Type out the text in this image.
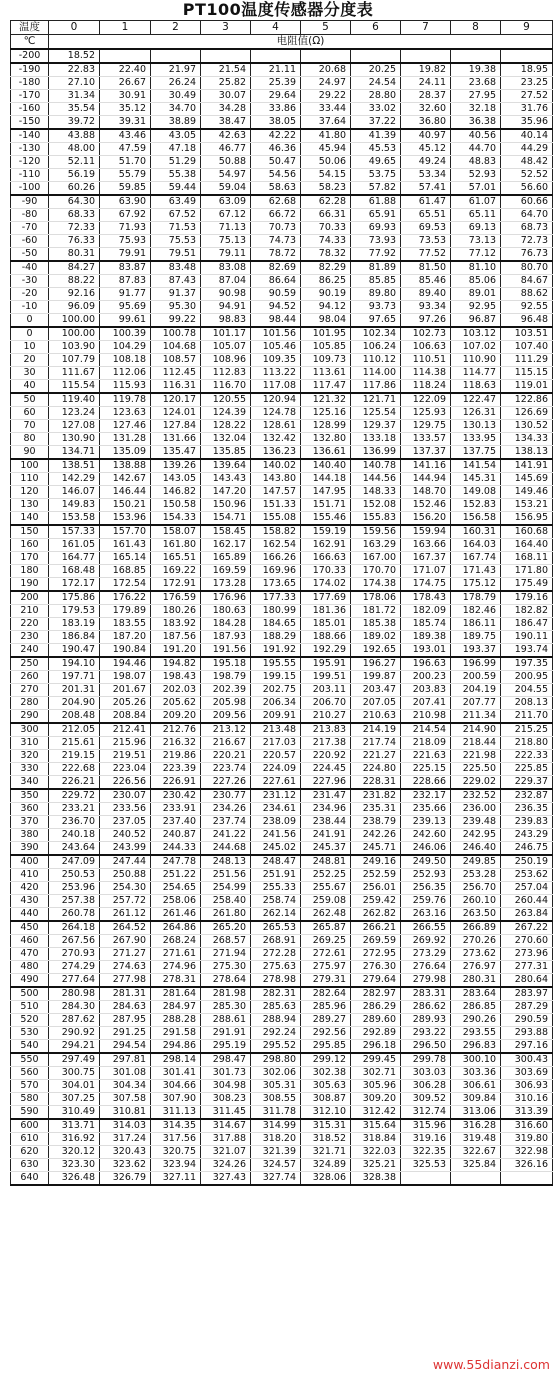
PT100温度传感器分度表
温度	0	1	2	3	4	5	6	7	8	9
℃	电阻值(Ω)									
-200	18.52									
-190	22.83	22.40	21.97	21.54	21.11	20.68	20.25	19.82	19.38	18.95
-180	27.10	26.67	26.24	25.82	25.39	24.97	24.54	24.11	23.68	23.25
-170	31.34	30.91	30.49	30.07	29.64	29.22	28.80	28.37	27.95	27.52
-160	35.54	35.12	34.70	34.28	33.86	33.44	33.02	32.60	32.18	31.76
-150	39.72	39.31	38.89	38.47	38.05	37.64	37.22	36.80	36.38	35.96
-140	43.88	43.46	43.05	42.63	42.22	41.80	41.39	40.97	40.56	40.14
-130	48.00	47.59	47.18	46.77	46.36	45.94	45.53	45.12	44.70	44.29
-120	52.11	51.70	51.29	50.88	50.47	50.06	49.65	49.24	48.83	48.42
-110	56.19	55.79	55.38	54.97	54.56	54.15	53.75	53.34	52.93	52.52
-100	60.26	59.85	59.44	59.04	58.63	58.23	57.82	57.41	57.01	56.60
-90	64.30	63.90	63.49	63.09	62.68	62.28	61.88	61.47	61.07	60.66
-80	68.33	67.92	67.52	67.12	66.72	66.31	65.91	65.51	65.11	64.70
-70	72.33	71.93	71.53	71.13	70.73	70.33	69.93	69.53	69.13	68.73
-60	76.33	75.93	75.53	75.13	74.73	74.33	73.93	73.53	73.13	72.73
-50	80.31	79.91	79.51	79.11	78.72	78.32	77.92	77.52	77.12	76.73
-40	84.27	83.87	83.48	83.08	82.69	82.29	81.89	81.50	81.10	80.70
-30	88.22	87.83	87.43	87.04	86.64	86.25	85.85	85.46	85.06	84.67
-20	92.16	91.77	91.37	90.98	90.59	90.19	89.80	89.40	89.01	88.62
-10	96.09	95.69	95.30	94.91	94.52	94.12	93.73	93.34	92.95	92.55
0	100.00	99.61	99.22	98.83	98.44	98.04	97.65	97.26	96.87	96.48
0	100.00	100.39	100.78	101.17	101.56	101.95	102.34	102.73	103.12	103.51
10	103.90	104.29	104.68	105.07	105.46	105.85	106.24	106.63	107.02	107.40
20	107.79	108.18	108.57	108.96	109.35	109.73	110.12	110.51	110.90	111.29
30	111.67	112.06	112.45	112.83	113.22	113.61	114.00	114.38	114.77	115.15
40	115.54	115.93	116.31	116.70	117.08	117.47	117.86	118.24	118.63	119.01
50	119.40	119.78	120.17	120.55	120.94	121.32	121.71	122.09	122.47	122.86
60	123.24	123.63	124.01	124.39	124.78	125.16	125.54	125.93	126.31	126.69
70	127.08	127.46	127.84	128.22	128.61	128.99	129.37	129.75	130.13	130.52
80	130.90	131.28	131.66	132.04	132.42	132.80	133.18	133.57	133.95	134.33
90	134.71	135.09	135.47	135.85	136.23	136.61	136.99	137.37	137.75	138.13
100	138.51	138.88	139.26	139.64	140.02	140.40	140.78	141.16	141.54	141.91
110	142.29	142.67	143.05	143.43	143.80	144.18	144.56	144.94	145.31	145.69
120	146.07	146.44	146.82	147.20	147.57	147.95	148.33	148.70	149.08	149.46
130	149.83	150.21	150.58	150.96	151.33	151.71	152.08	152.46	152.83	153.21
140	153.58	153.96	154.33	154.71	155.08	155.46	155.83	156.20	156.58	156.95
150	157.33	157.70	158.07	158.45	158.82	159.19	159.56	159.94	160.31	160.68
160	161.05	161.43	161.80	162.17	162.54	162.91	163.29	163.66	164.03	164.40
170	164.77	165.14	165.51	165.89	166.26	166.63	167.00	167.37	167.74	168.11
180	168.48	168.85	169.22	169.59	169.96	170.33	170.70	171.07	171.43	171.80
190	172.17	172.54	172.91	173.28	173.65	174.02	174.38	174.75	175.12	175.49
200	175.86	176.22	176.59	176.96	177.33	177.69	178.06	178.43	178.79	179.16
210	179.53	179.89	180.26	180.63	180.99	181.36	181.72	182.09	182.46	182.82
220	183.19	183.55	183.92	184.28	184.65	185.01	185.38	185.74	186.11	186.47
230	186.84	187.20	187.56	187.93	188.29	188.66	189.02	189.38	189.75	190.11
240	190.47	190.84	191.20	191.56	191.92	192.29	192.65	193.01	193.37	193.74
250	194.10	194.46	194.82	195.18	195.55	195.91	196.27	196.63	196.99	197.35
260	197.71	198.07	198.43	198.79	199.15	199.51	199.87	200.23	200.59	200.95
270	201.31	201.67	202.03	202.39	202.75	203.11	203.47	203.83	204.19	204.55
280	204.90	205.26	205.62	205.98	206.34	206.70	207.05	207.41	207.77	208.13
290	208.48	208.84	209.20	209.56	209.91	210.27	210.63	210.98	211.34	211.70
300	212.05	212.41	212.76	213.12	213.48	213.83	214.19	214.54	214.90	215.25
310	215.61	215.96	216.32	216.67	217.03	217.38	217.74	218.09	218.44	218.80
320	219.15	219.51	219.86	220.21	220.57	220.92	221.27	221.63	221.98	222.33
330	222.68	223.04	223.39	223.74	224.09	224.45	224.80	225.15	225.50	225.85
340	226.21	226.56	226.91	227.26	227.61	227.96	228.31	228.66	229.02	229.37
350	229.72	230.07	230.42	230.77	231.12	231.47	231.82	232.17	232.52	232.87
360	233.21	233.56	233.91	234.26	234.61	234.96	235.31	235.66	236.00	236.35
370	236.70	237.05	237.40	237.74	238.09	238.44	238.79	239.13	239.48	239.83
380	240.18	240.52	240.87	241.22	241.56	241.91	242.26	242.60	242.95	243.29
390	243.64	243.99	244.33	244.68	245.02	245.37	245.71	246.06	246.40	246.75
400	247.09	247.44	247.78	248.13	248.47	248.81	249.16	249.50	249.85	250.19
410	250.53	250.88	251.22	251.56	251.91	252.25	252.59	252.93	253.28	253.62
420	253.96	254.30	254.65	254.99	255.33	255.67	256.01	256.35	256.70	257.04
430	257.38	257.72	258.06	258.40	258.74	259.08	259.42	259.76	260.10	260.44
440	260.78	261.12	261.46	261.80	262.14	262.48	262.82	263.16	263.50	263.84
450	264.18	264.52	264.86	265.20	265.53	265.87	266.21	266.55	266.89	267.22
460	267.56	267.90	268.24	268.57	268.91	269.25	269.59	269.92	270.26	270.60
470	270.93	271.27	271.61	271.94	272.28	272.61	272.95	273.29	273.62	273.96
480	274.29	274.63	274.96	275.30	275.63	275.97	276.30	276.64	276.97	277.31
490	277.64	277.98	278.31	278.64	278.98	279.31	279.64	279.98	280.31	280.64
500	280.98	281.31	281.64	281.98	282.31	282.64	282.97	283.31	283.64	283.97
510	284.30	284.63	284.97	285.30	285.63	285.96	286.29	286.62	286.85	287.29
520	287.62	287.95	288.28	288.61	288.94	289.27	289.60	289.93	290.26	290.59
530	290.92	291.25	291.58	291.91	292.24	292.56	292.89	293.22	293.55	293.88
540	294.21	294.54	294.86	295.19	295.52	295.85	296.18	296.50	296.83	297.16
550	297.49	297.81	298.14	298.47	298.80	299.12	299.45	299.78	300.10	300.43
560	300.75	301.08	301.41	301.73	302.06	302.38	302.71	303.03	303.36	303.69
570	304.01	304.34	304.66	304.98	305.31	305.63	305.96	306.28	306.61	306.93
580	307.25	307.58	307.90	308.23	308.55	308.87	309.20	309.52	309.84	310.16
590	310.49	310.81	311.13	311.45	311.78	312.10	312.42	312.74	313.06	313.39
600	313.71	314.03	314.35	314.67	314.99	315.31	315.64	315.96	316.28	316.60
610	316.92	317.24	317.56	317.88	318.20	318.52	318.84	319.16	319.48	319.80
620	320.12	320.43	320.75	321.07	321.39	321.71	322.03	322.35	322.67	322.98
630	323.30	323.62	323.94	324.26	324.57	324.89	325.21	325.53	325.84	326.16
640	326.48	326.79	327.11	327.43	327.74	328.06	328.38			
www.55dianzi.com
